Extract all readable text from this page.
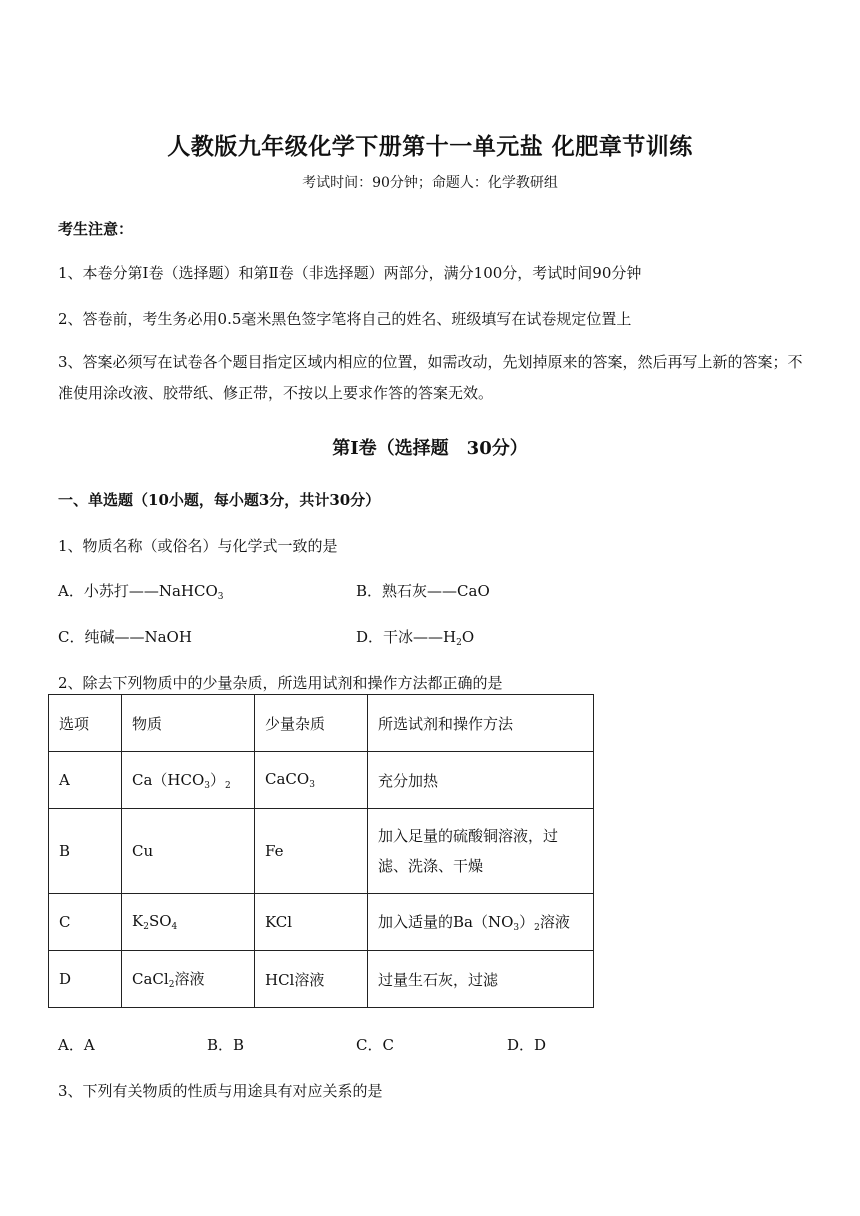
人教版九年级化学下册第十一单元盐 化肥章节训练
考试时间：90分钟；命题人：化学教研组
考生注意：
1、本卷分第Ⅰ卷（选择题）和第Ⅱ卷（非选择题）两部分，满分100分，考试时间90分钟
2、答卷前，考生务必用0.5毫米黑色签字笔将自己的姓名、班级填写在试卷规定位置上
3、答案必须写在试卷各个题目指定区域内相应的位置，如需改动，先划掉原来的答案，然后再写上新的答案；不准使用涂改液、胶带纸、修正带，不按以上要求作答的答案无效。
第Ⅰ卷（选择题　30分）
一、单选题（10小题，每小题3分，共计30分）
1、物质名称（或俗名）与化学式一致的是
A．小苏打——NaHCO$_3$	B．熟石灰——CaO
C．纯碱——NaOH	D．干冰$——H_2O$
2、除去下列物质中的少量杂质，所选用试剂和操作方法都正确的是
选项	物质	少量杂质	所选试剂和操作方法
A	$Ca(HCO_3)_2$	CaCO$_3$	充分加热
B	Cu	Fe	加入足量的硫酸铜溶液，过滤、洗涤、干燥
C	$K_2SO_4$	KCl	加入适量的$Ba(NO_3)_2$溶液
D	CaCl$_2$溶液	HCl溶液	过量生石灰，过滤
A．A	B．B	C．C	D．D
3、下列有关物质的性质与用途具有对应关系的是
